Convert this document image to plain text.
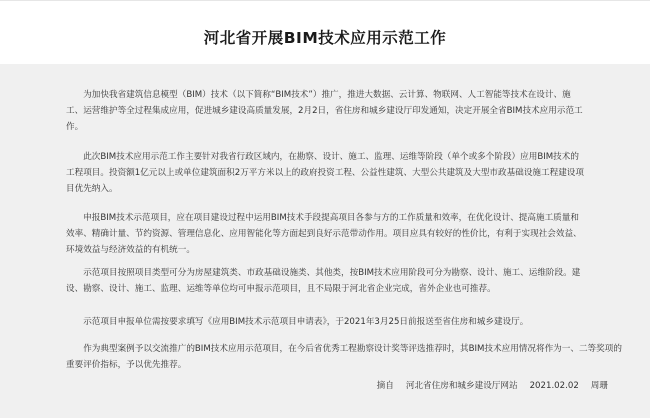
河北省开展BIM技术应用示范工作

为加快我省建筑信息模型（BIM）技术（以下简称“BIM技术”）推广，推进大数据、云计算、物联网、人工智能等技术在设计、施工、运营维护等全过程集成应用，促进城乡建设高质量发展，2月2日，省住房和城乡建设厅印发通知，决定开展全省BIM技术应用示范工作。

此次BIM技术应用示范工作主要针对我省行政区域内，在勘察、设计、施工、监理、运维等阶段（单个或多个阶段）应用BIM技术的工程项目。投资额1亿元以上或单位建筑面积2万平方米以上的政府投资工程、公益性建筑、大型公共建筑及大型市政基础设施工程建设项目优先纳入。

申报BIM技术示范项目，应在项目建设过程中运用BIM技术手段提高项目各参与方的工作质量和效率，在优化设计、提高施工质量和效率、精确计量、节约资源、管理信息化、应用智能化等方面起到良好示范带动作用。项目应具有较好的性价比，有利于实现社会效益、环境效益与经济效益的有机统一。

示范项目按照项目类型可分为房屋建筑类、市政基础设施类、其他类，按BIM技术应用阶段可分为勘察、设计、施工、运维阶段。建设、勘察、设计、施工、监理、运维等单位均可申报示范项目，且不局限于河北省企业完成，省外企业也可推荐。

示范项目申报单位需按要求填写《应用BIM技术示范项目申请表》，于2021年3月25日前报送至省住房和城乡建设厅。

作为典型案例予以交流推广的BIM技术应用示范项目，在今后省优秀工程勘察设计奖等评选推荐时，其BIM技术应用情况将作为一、二等奖项的重要评价指标，予以优先推荐。

摘自 河北省住房和城乡建设厅网站 2021.02.02 周珊
